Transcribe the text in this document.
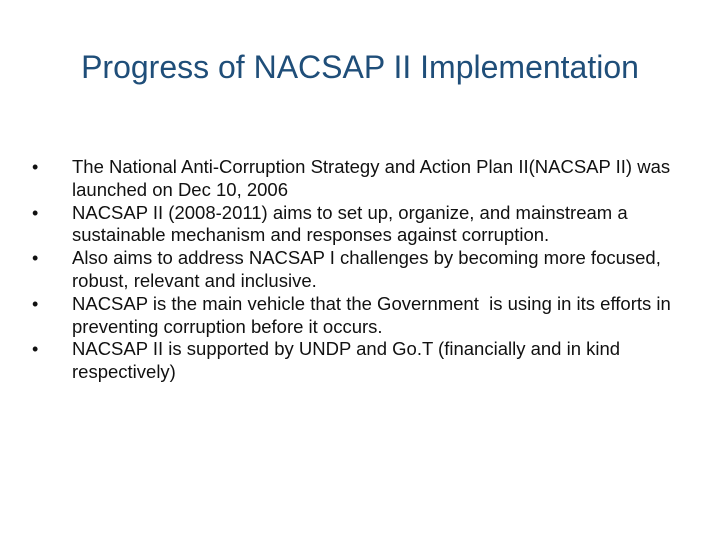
Progress of NACSAP II Implementation
• The National Anti-Corruption Strategy and Action Plan II(NACSAP II) was launched on Dec 10, 2006
• NACSAP II (2008-2011) aims to set up, organize, and mainstream a sustainable mechanism and responses against corruption.
• Also aims to address NACSAP I challenges by becoming more focused, robust, relevant and inclusive.
• NACSAP is the main vehicle that the Government  is using in its efforts in preventing corruption before it occurs.
• NACSAP II is supported by UNDP and Go.T (financially and in kind respectively)
